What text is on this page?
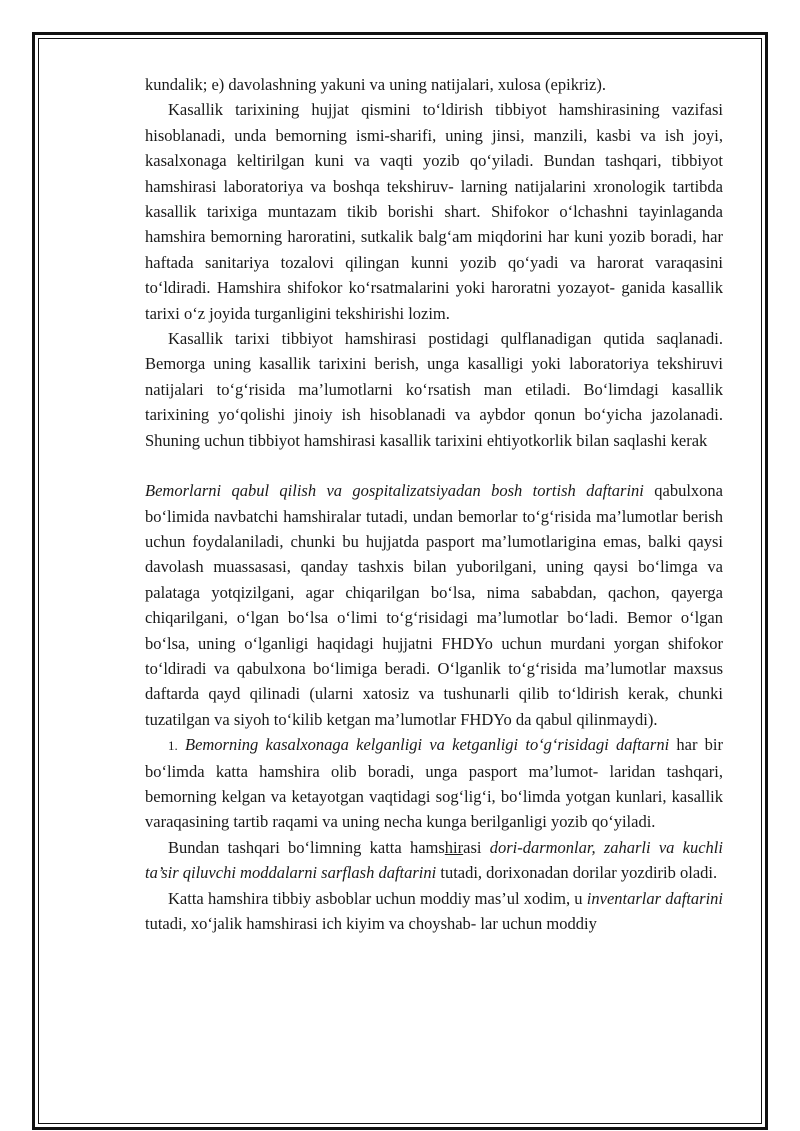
kundalik; e) davolashning yakuni va uning natijalari, xulosa (epikriz).

Kasallik tarixining hujjat qismini to‘ldirish tibbiyot hamshirasining vazifasi hisoblanadi, unda bemorning ismi-sharifi, uning jinsi, manzili, kasbi va ish joyi, kasalxonaga keltirilgan kuni va vaqti yozib qo‘yiladi. Bundan tashqari, tibbiyot hamshirasi laboratoriya va boshqa tekshiruv- larning natijalarini xronologik tartibda kasallik tarixiga muntazam tikib borishi shart. Shifokor o‘lchashni tayinlaganda hamshira bemorning haroratini, sutkalik balg‘am miqdorini har kuni yozib boradi, har haftada sanitariya tozalovi qilingan kunni yozib qo‘yadi va harorat varaqasini to‘ldiradi. Hamshira shifokor ko‘rsatmalarini yoki haroratni yozayot- ganida kasallik tarixi o‘z joyida turganligini tekshirishi lozim.

Kasallik tarixi tibbiyot hamshirasi postidagi qulflanadigan qutida saqlanadi. Bemorga uning kasallik tarixini berish, unga kasalligi yoki laboratoriya tekshiruvi natijalari to‘g‘risida ma’lumotlarni ko‘rsatish man etiladi. Bo‘limdagi kasallik tarixining yo‘qolishi jinoiy ish hisoblanadi va aybdor qonun bo‘yicha jazolanadi. Shuning uchun tibbiyot hamshirasi kasallik tarixini ehtiyotkorlik bilan saqlashi kerak

Bemorlarni qabul qilish va gospitalizatsiyadan bosh tortish daftarini qabulxona bo‘limida navbatchi hamshiralar tutadi, undan bemorlar to‘g‘risida ma’lumotlar berish uchun foydalaniladi, chunki bu hujjatda pasport ma’lumotlarigina emas, balki qaysi davolash muassasasi, qanday tashxis bilan yuborilgani, uning qaysi bo‘limga va palataga yotqizilgani, agar chiqarilgan bo‘lsa, nima sababdan, qachon, qayerga chiqarilgani, o‘lgan bo‘lsa o‘limi to‘g‘risidagi ma’lumotlar bo‘ladi. Bemor o‘lgan bo‘lsa, uning o‘lganligi haqidagi hujjatni FHDYo uchun murdani yorgan shifokor to‘ldiradi va qabulxona bo‘limiga beradi. O‘lganlik to‘g‘risida ma’lumotlar maxsus daftarda qayd qilinadi (ularni xatosiz va tushunarli qilib to‘ldirish kerak, chunki tuzatilgan va siyoh to‘kilib ketgan ma’lumotlar FHDYo da qabul qilinmaydi).

1. Bemorning kasalxonaga kelganligi va ketganligi to‘g‘risidagi daftarni har bir bo‘limda katta hamshira olib boradi, unga pasport ma’lumot- laridan tashqari, bemorning kelgan va ketayotgan vaqtidagi sog‘lig‘i, bo‘limda yotgan kunlari, kasallik varaqasining tartib raqami va uning necha kunga berilganligi yozib qo‘yiladi.

Bundan tashqari bo‘limning katta hamshirasi dori-darmonlar, zaharli va kuchli ta’sir qiluvchi moddalarni sarflash daftarini tutadi, dorixonadan dorilar yozdirib oladi.

Katta hamshira tibbiy asboblar uchun moddiy mas’ul xodim, u inventarlar daftarini tutadi, xo‘jalik hamshirasi ich kiyim va choyshab- lar uchun moddiy
